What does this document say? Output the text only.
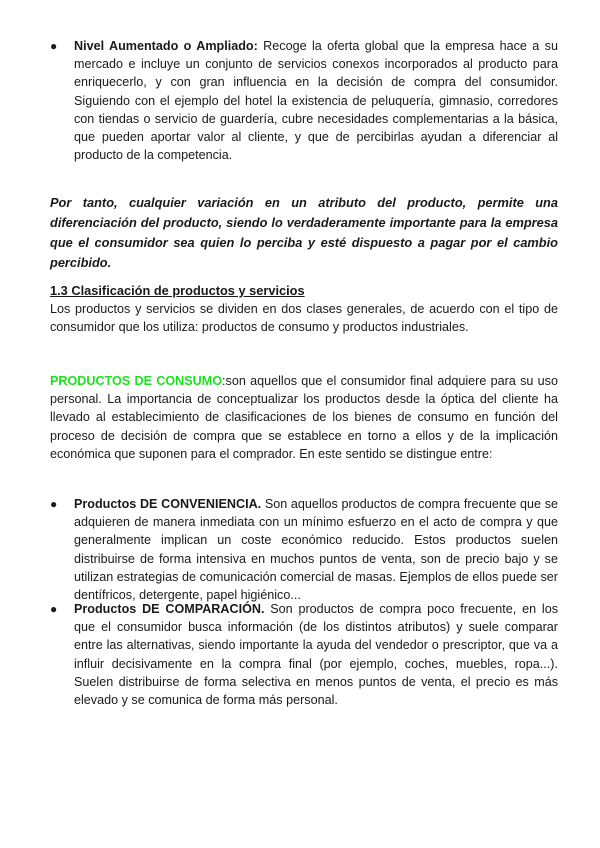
●	Nivel Aumentado o Ampliado: Recoge la oferta global que la empresa hace a su mercado e incluye un conjunto de servicios conexos incorporados al producto para enriquecerlo, y con gran influencia en la decisión de compra del consumidor. Siguiendo con el ejemplo del hotel la existencia de peluquería, gimnasio, corredores con tiendas o servicio de guardería, cubre necesidades complementarias a la básica, que pueden aportar valor al cliente, y que de percibirlas ayudan a diferenciar al producto de la competencia.
Por tanto, cualquier variación en un atributo del producto, permite una diferenciación del producto, siendo lo verdaderamente importante para la empresa que el consumidor sea quien lo perciba y esté dispuesto a pagar por el cambio percibido.
1.3 Clasificación de productos y servicios
Los productos y servicios se dividen en dos clases generales, de acuerdo con el tipo de consumidor que los utiliza: productos de consumo y productos industriales.
PRODUCTOS DE CONSUMO:son aquellos que el consumidor final adquiere para su uso personal. La importancia de conceptualizar los productos desde la óptica del cliente ha llevado al establecimiento de clasificaciones de los bienes de consumo en función del proceso de decisión de compra que se establece en torno a ellos y de la implicación económica que suponen para el comprador. En este sentido se distingue entre:
●	Productos DE CONVENIENCIA. Son aquellos productos de compra frecuente que se adquieren de manera inmediata con un mínimo esfuerzo en el acto de compra y que generalmente implican un coste económico reducido. Estos productos suelen distribuirse de forma intensiva en muchos puntos de venta, son de precio bajo y se utilizan estrategias de comunicación comercial de masas. Ejemplos de ellos puede ser dentífricos, detergente, papel higiénico...
●	Productos DE COMPARACIÓN. Son productos de compra poco frecuente, en los que el consumidor busca información (de los distintos atributos) y suele comparar entre las alternativas, siendo importante la ayuda del vendedor o prescriptor, que va a influir decisivamente en la compra final (por ejemplo, coches, muebles, ropa...). Suelen distribuirse de forma selectiva en menos puntos de venta, el precio es más elevado y se comunica de forma más personal.
